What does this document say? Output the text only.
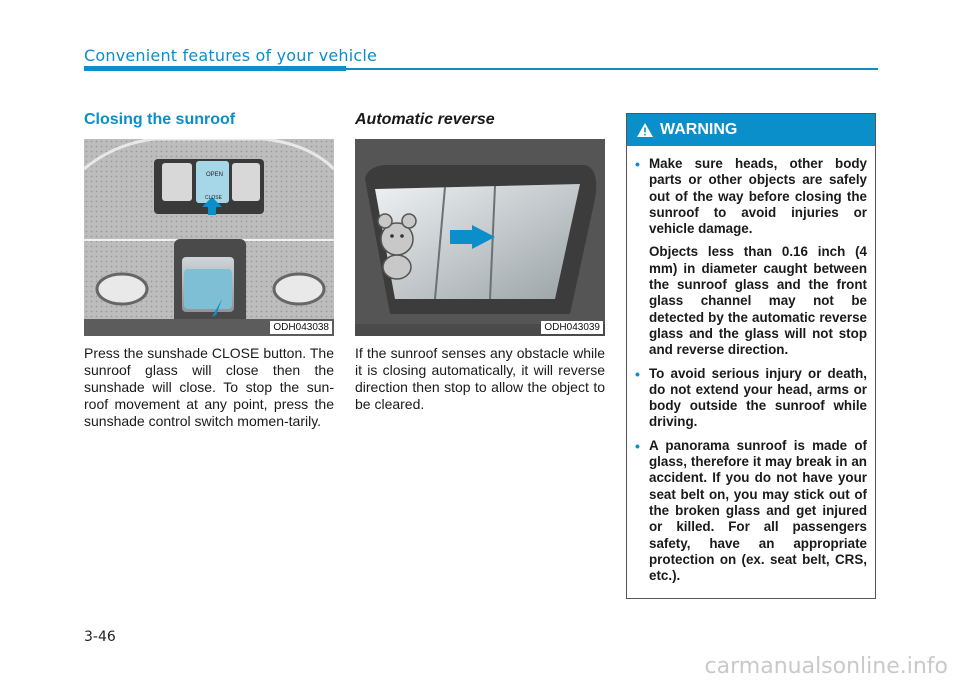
Convenient features of your vehicle
Closing the sunroof	Automatic reverse
OPEN
CLOSE
ODH043038	ODH043039

Press the sunshade CLOSE button. The sunroof glass will close then the sunshade will close. To stop the sun-roof movement at any point, press the sunshade control switch momen-tarily.

If the sunroof senses any obstacle while it is closing automatically, it will reverse direction then stop to allow the object to be cleared.

WARNING
• Make sure heads, other body parts or other objects are safely out of the way before closing the sunroof to avoid injuries or vehicle damage.

Objects less than 0.16 inch (4 mm) in diameter caught between the sunroof glass and the front glass channel may not be detected by the automatic reverse glass and the glass will not stop and reverse direction.

• To avoid serious injury or death, do not extend your head, arms or body outside the sunroof while driving.

• A panorama sunroof is made of glass, therefore it may break in an accident. If you do not have your seat belt on, you may stick out of the broken glass and get injured or killed. For all passengers safety, have an appropriate protection on (ex. seat belt, CRS, etc.).

3-46
carmanualsonline.info
